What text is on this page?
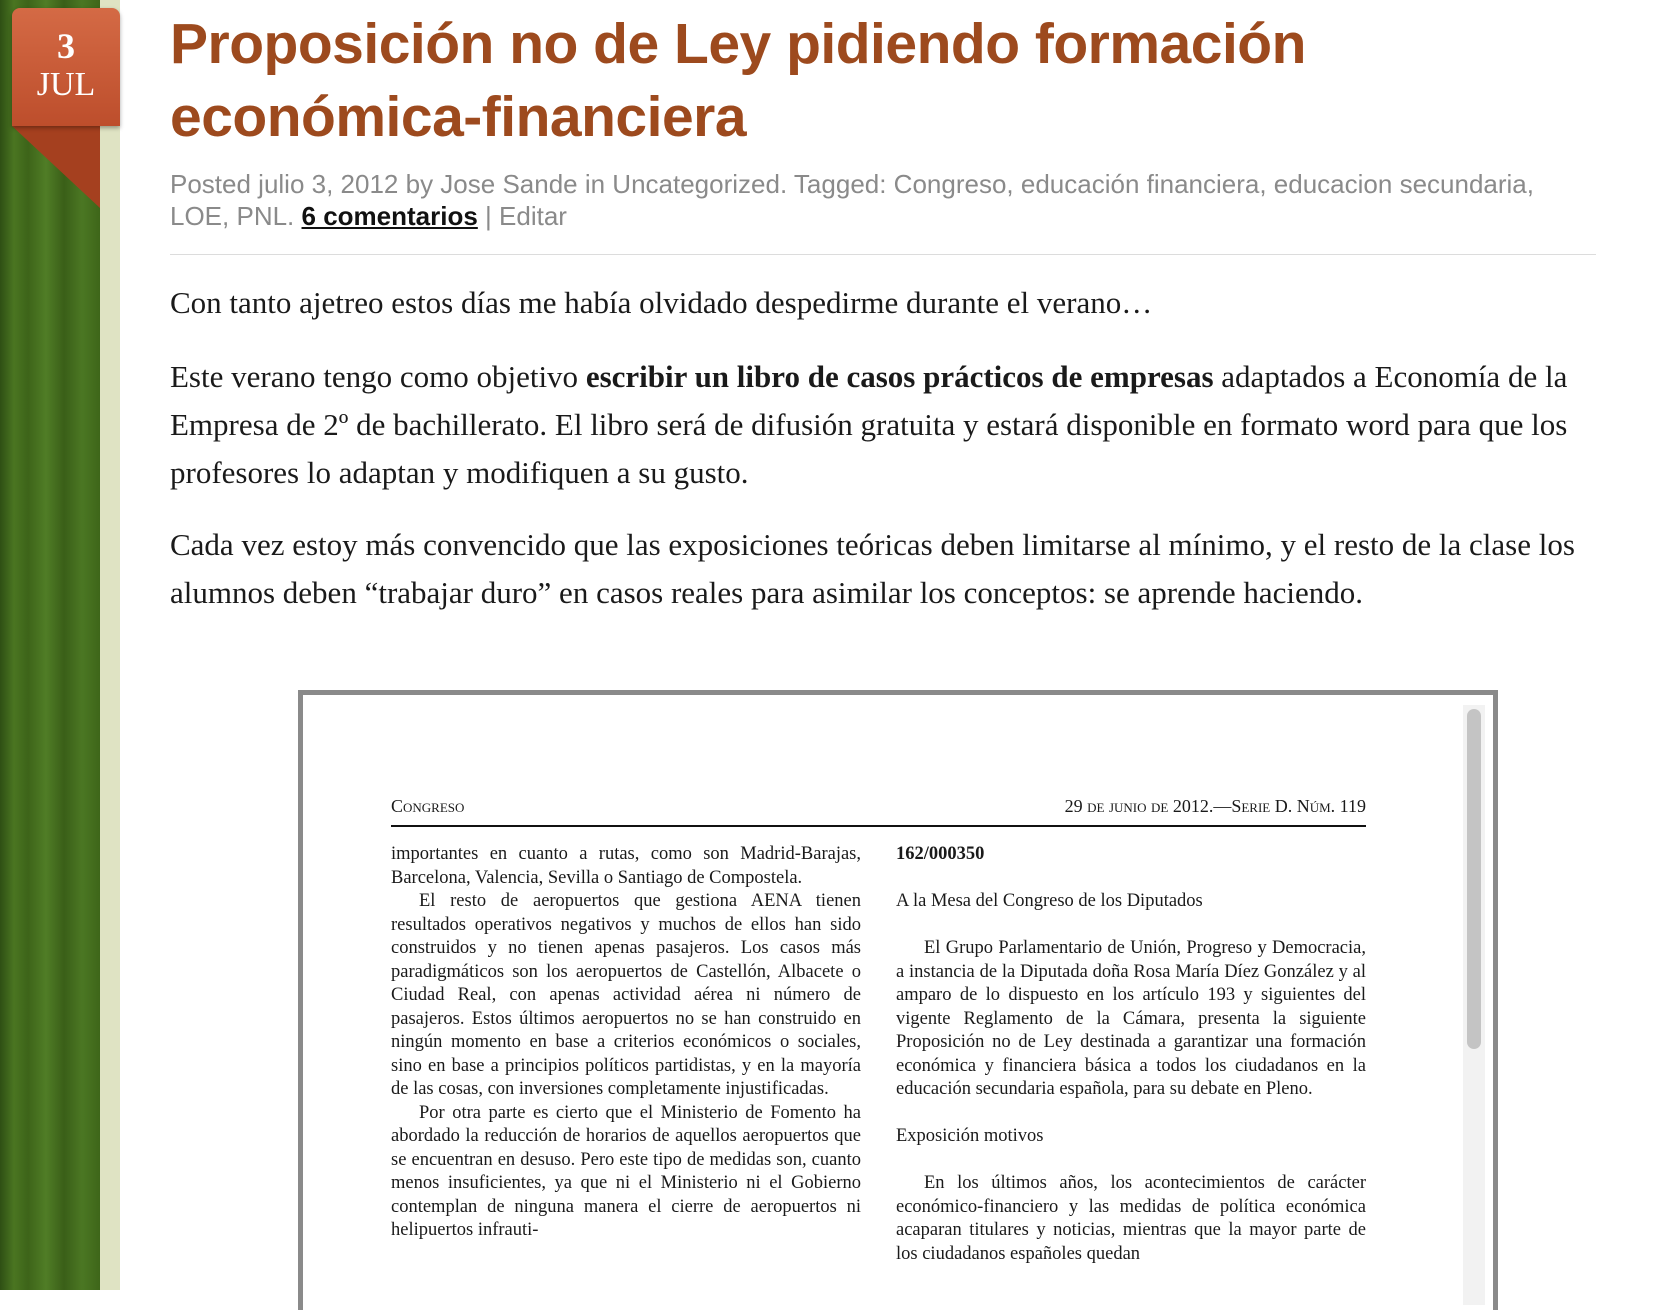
3
JUL
Proposición no de Ley pidiendo formación económica-financiera
Posted julio 3, 2012 by Jose Sande in Uncategorized. Tagged: Congreso, educación financiera, educacion secundaria, LOE, PNL. 6 comentarios | Editar

Con tanto ajetreo estos días me había olvidado despedirme durante el verano…

Este verano tengo como objetivo escribir un libro de casos prácticos de empresas adaptados a Economía de la Empresa de 2º de bachillerato. El libro será de difusión gratuita y estará disponible en formato word para que los profesores lo adaptan y modifiquen a su gusto.

Cada vez estoy más convencido que las exposiciones teóricas deben limitarse al mínimo, y el resto de la clase los alumnos deben “trabajar duro” en casos reales para asimilar los conceptos: se aprende haciendo.

Congreso	29 de junio de 2012.—Serie D. Núm. 119

importantes en cuanto a rutas, como son Madrid-Barajas, Barcelona, Valencia, Sevilla o Santiago de Compostela.

El resto de aeropuertos que gestiona AENA tienen resultados operativos negativos y muchos de ellos han sido construidos y no tienen apenas pasajeros. Los casos más paradigmáticos son los aeropuertos de Castellón, Albacete o Ciudad Real, con apenas actividad aérea ni número de pasajeros. Estos últimos aeropuertos no se han construido en ningún momento en base a criterios económicos o sociales, sino en base a principios políticos partidistas, y en la mayoría de las cosas, con inversiones completamente injustificadas.

Por otra parte es cierto que el Ministerio de Fomento ha abordado la reducción de horarios de aquellos aeropuertos que se encuentran en desuso. Pero este tipo de medidas son, cuanto menos insuficientes, ya que ni el Ministerio ni el Gobierno contemplan de ninguna manera el cierre de aeropuertos ni helipuertos infrauti-

162/000350

A la Mesa del Congreso de los Diputados

El Grupo Parlamentario de Unión, Progreso y Democracia, a instancia de la Diputada doña Rosa María Díez González y al amparo de lo dispuesto en los artículo 193 y siguientes del vigente Reglamento de la Cámara, presenta la siguiente Proposición no de Ley destinada a garantizar una formación económica y financiera básica a todos los ciudadanos en la educación secundaria española, para su debate en Pleno.

Exposición motivos

En los últimos años, los acontecimientos de carácter económico-financiero y las medidas de política económica acaparan titulares y noticias, mientras que la mayor parte de los ciudadanos españoles quedan
